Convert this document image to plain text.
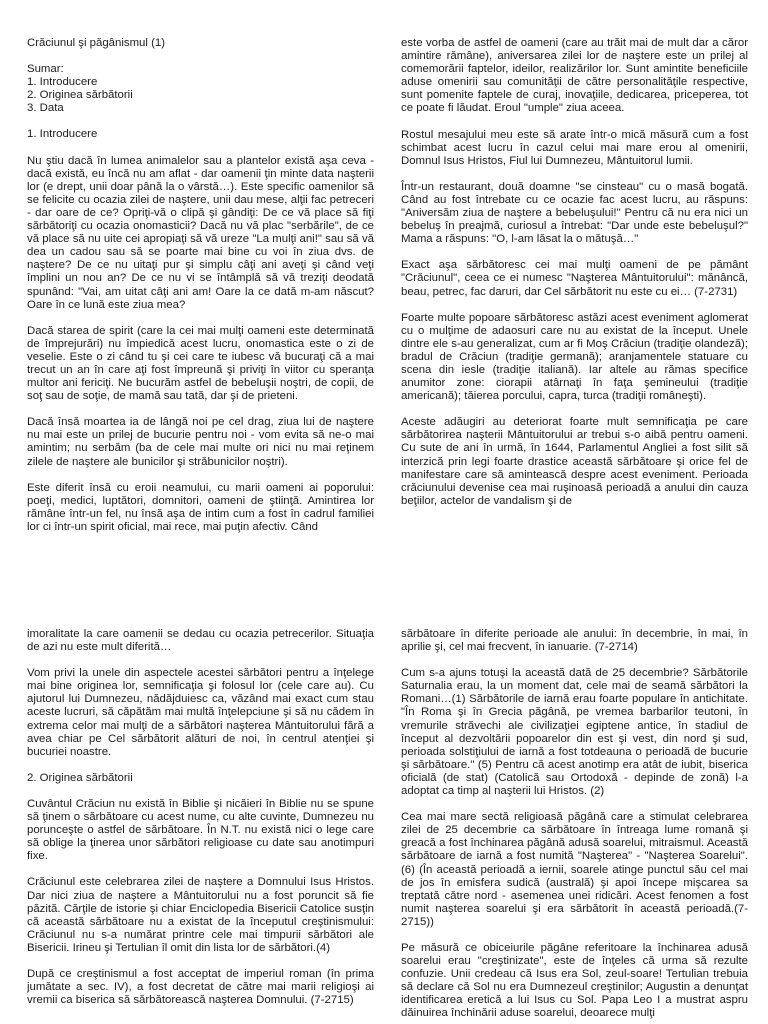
Crăciunul şi păgânismul (1)

Sumar:
1. Introducere
2. Originea sărbătorii
3. Data

1. Introducere

Nu ştiu dacă în lumea animalelor sau a plantelor există aşa ceva - dacă există, eu încă nu am aflat - dar oamenii ţin minte data naşterii lor (e drept, unii doar până la o vârstă…). Este specific oamenilor să se felicite cu ocazia zilei de naştere, unii dau mese, alţii fac petreceri - dar oare de ce? Opriţi-vă o clipă şi gândiţi: De ce vă place să fiţi sărbătoriţi cu ocazia onomasticii? Dacă nu vă plac "serbările", de ce vă place să nu uite cei apropiaţi să vă ureze "La mulţi ani!" sau să vă dea un cadou sau să se poarte mai bine cu voi în ziua dvs. de naştere? De ce nu uitaţi pur şi simplu câţi ani aveţi şi când veţi împlini un nou an? De ce nu vi se întâmplă să vă treziţi deodată spunând: "Vai, am uitat câţi ani am! Oare la ce dată m-am născut? Oare în ce lună este ziua mea?

Dacă starea de spirit (care la cei mai mulţi oameni este determinată de împrejurări) nu împiedică acest lucru, onomastica este o zi de veselie. Este o zi când tu şi cei care te iubesc vă bucuraţi că a mai trecut un an în care aţi fost împreună şi priviţi în viitor cu speranţa multor ani fericiţi. Ne bucurăm astfel de bebeluşii noştri, de copii, de soţ sau de soţie, de mamă sau tată, dar şi de prieteni.

Dacă însă moartea ia de lângă noi pe cel drag, ziua lui de naştere nu mai este un prilej de bucurie pentru noi - vom evita să ne-o mai amintim; nu serbăm (ba de cele mai multe ori nici nu mai reţinem zilele de naştere ale bunicilor şi străbunicilor noştri).

Este diferit însă cu eroii neamului, cu marii oameni ai poporului: poeţi, medici, luptători, domnitori, oameni de ştiinţă. Amintirea lor rămâne într-un fel, nu însă aşa de intim cum a fost în cadrul familiei lor ci într-un spirit oficial, mai rece, mai puţin afectiv. Când

este vorba de astfel de oameni (care au trăit mai de mult dar a căror amintire rămâne), aniversarea zilei lor de naştere este un prilej al comemorării faptelor, ideilor, realizărilor lor. Sunt amintite beneficiile aduse omenirii sau comunităţii de către personalităţile respective, sunt pomenite faptele de curaj, inovaţiile, dedicarea, priceperea, tot ce poate fi lăudat. Eroul "umple" ziua aceea.

Rostul mesajului meu este să arate într-o mică măsură cum a fost schimbat acest lucru în cazul celui mai mare erou al omenirii, Domnul Isus Hristos, Fiul lui Dumnezeu, Mântuitorul lumii.

Într-un restaurant, două doamne "se cinsteau" cu o masă bogată. Când au fost întrebate cu ce ocazie fac acest lucru, au răspuns: "Aniversăm ziua de naştere a bebeluşului!" Pentru că nu era nici un bebeluş în preajmă, curiosul a întrebat: "Dar unde este bebeluşul?" Mama a răspuns: "O, l-am lăsat la o mătuşă…"

Exact aşa sărbătoresc cei mai mulţi oameni de pe pământ "Crăciunul", ceea ce ei numesc "Naşterea Mântuitorului": mănâncă, beau, petrec, fac daruri, dar Cel sărbătorit nu este cu ei… (7-2731)

Foarte multe popoare sărbătoresc astăzi acest eveniment aglomerat cu o mulţime de adaosuri care nu au existat de la început. Unele dintre ele s-au generalizat, cum ar fi Moş Crăciun (tradiţie olandeză); bradul de Crăciun (tradiţie germană); aranjamentele statuare cu scena din iesle (tradiţie italiană). Iar altele au rămas specifice anumitor zone: ciorapii atârnaţi în faţa şemineului (tradiţie americană); tăierea porcului, capra, turca (tradiţii româneşti).

Aceste adăugiri au deteriorat foarte mult semnificaţia pe care sărbătorirea naşterii Mântuitorului ar trebui s-o aibă pentru oameni. Cu sute de ani în urmă, în 1644, Parlamentul Angliei a fost silit să interzică prin legi foarte drastice această sărbătoare şi orice fel de manifestare care să amintească despre acest eveniment. Perioada crăciunului devenise cea mai ruşinoasă perioadă a anului din cauza beţiilor, actelor de vandalism şi de

imoralitate la care oamenii se dedau cu ocazia petrecerilor. Situaţia de azi nu este mult diferită…

Vom privi la unele din aspectele acestei sărbători pentru a înţelege mai bine originea lor, semnificaţia şi folosul lor (cele care au). Cu ajutorul lui Dumnezeu, nădăjduiesc ca, văzând mai exact cum stau aceste lucruri, să căpătăm mai multă înţelepciune şi să nu cădem în extrema celor mai mulţi de a sărbători naşterea Mântuitorului fără a avea chiar pe Cel sărbătorit alături de noi, în centrul atenţiei şi bucuriei noastre.

2. Originea sărbătorii

Cuvântul Crăciun nu există în Biblie şi nicăieri în Biblie nu se spune să ţinem o sărbătoare cu acest nume, cu alte cuvinte, Dumnezeu nu porunceşte o astfel de sărbătoare. În N.T. nu există nici o lege care să oblige la ţinerea unor sărbători religioase cu date sau anotimpuri fixe.

Crăciunul este celebrarea zilei de naştere a Domnului Isus Hristos. Dar nici ziua de naştere a Mântuitorului nu a fost poruncit să fie păzită. Cărţile de istorie şi chiar Enciclopedia Bisericii Catolice susţin că această sărbătoare nu a existat de la începutul creştinismului: Crăciunul nu s-a numărat printre cele mai timpurii sărbători ale Bisericii. Irineu şi Tertulian îl omit din lista lor de sărbători.(4)

După ce creştinismul a fost acceptat de imperiul roman (în prima jumătate a sec. IV), a fost decretat de către mai marii religioşi ai vremii ca biserica să sărbătorească naşterea Domnului. (7-2715)

sărbătoare în diferite perioade ale anului: în decembrie, în mai, în aprilie şi, cel mai frecvent, în ianuarie. (7-2714)

Cum s-a ajuns totuşi la această dată de 25 decembrie? Sărbătorile Saturnalia erau, la un moment dat, cele mai de seamă sărbători la Romani…(1) Sărbătorile de iarnă erau foarte populare în antichitate. "În Roma şi în Grecia păgână, pe vremea barbarilor teutoni, în vremurile străvechi ale civilizaţiei egiptene antice, în stadiul de început al dezvoltării popoarelor din est şi vest, din nord şi sud, perioada solstiţiului de iarnă a fost totdeauna o perioadă de bucurie şi sărbătoare." (5) Pentru că acest anotimp era atât de iubit, biserica oficială (de stat) (Catolică sau Ortodoxă - depinde de zonă) l-a adoptat ca timp al naşterii lui Hristos. (2)

Cea mai mare sectă religioasă păgână care a stimulat celebrarea zilei de 25 decembrie ca sărbătoare în întreaga lume romană şi greacă a fost închinarea păgână adusă soarelui, mitraismul. Această sărbătoare de iarnă a fost numită "Naşterea" - "Naşterea Soarelui". (6) (În această perioadă a iernii, soarele atinge punctul său cel mai de jos în emisfera sudică (australă) şi apoi începe mişcarea sa treptată către nord - asemenea unei ridicări. Acest fenomen a fost numit naşterea soarelui şi era sărbătorit în această perioadă.(7-2715))

Pe măsură ce obiceiurile păgâne referitoare la închinarea adusă soarelui erau "creştinizate", este de înţeles că urma să rezulte confuzie. Unii credeau că Isus era Sol, zeul-soare! Tertulian trebuia să declare că Sol nu era Dumnezeul creştinilor; Augustin a denunţat identificarea eretică a lui Isus cu Sol. Papa Leo I a mustrat aspru dăinuirea închinării aduse soarelui, deoarece mulţi
